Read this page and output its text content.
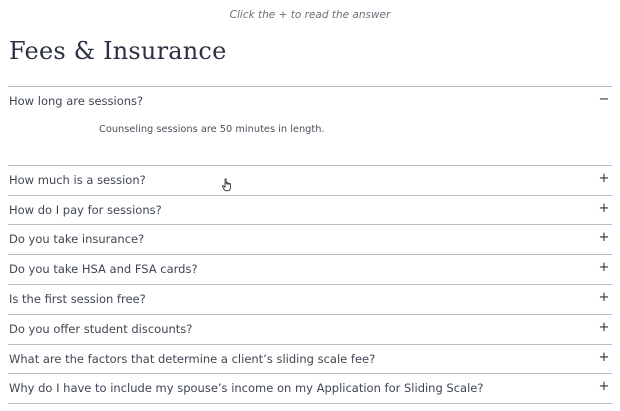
Click the + to read the answer
Fees & Insurance
How long are sessions?	−
Counseling sessions are 50 minutes in length.
How much is a session?	+
How do I pay for sessions?	+
Do you take insurance?	+
Do you take HSA and FSA cards?	+
Is the first session free?	+
Do you offer student discounts?	+
What are the factors that determine a client’s sliding scale fee?	+
Why do I have to include my spouse’s income on my Application for Sliding Scale?	+
